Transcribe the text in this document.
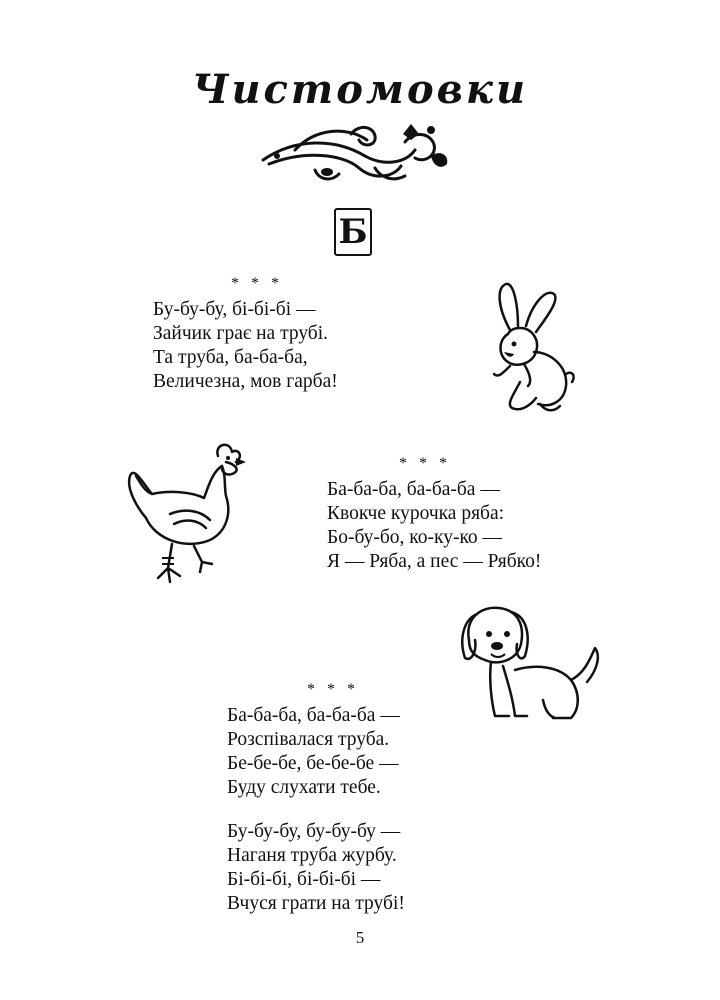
Чистомовки
Б
* * *
Бу-бу-бу, бі-бі-бі —
Зайчик грає на трубі.
Та труба, ба-ба-ба,
Величезна, мов гарба!
* * *
Ба-ба-ба, ба-ба-ба —
Квокче курочка ряба:
Бо-бу-бо, ко-ку-ко —
Я — Ряба, а пес — Рябко!
* * *
Ба-ба-ба, ба-ба-ба —
Розспівалася труба.
Бе-бе-бе, бе-бе-бе —
Буду слухати тебе.
Бу-бу-бу, бу-бу-бу —
Наганя труба журбу.
Бі-бі-бі, бі-бі-бі —
Вчуся грати на трубі!
5
